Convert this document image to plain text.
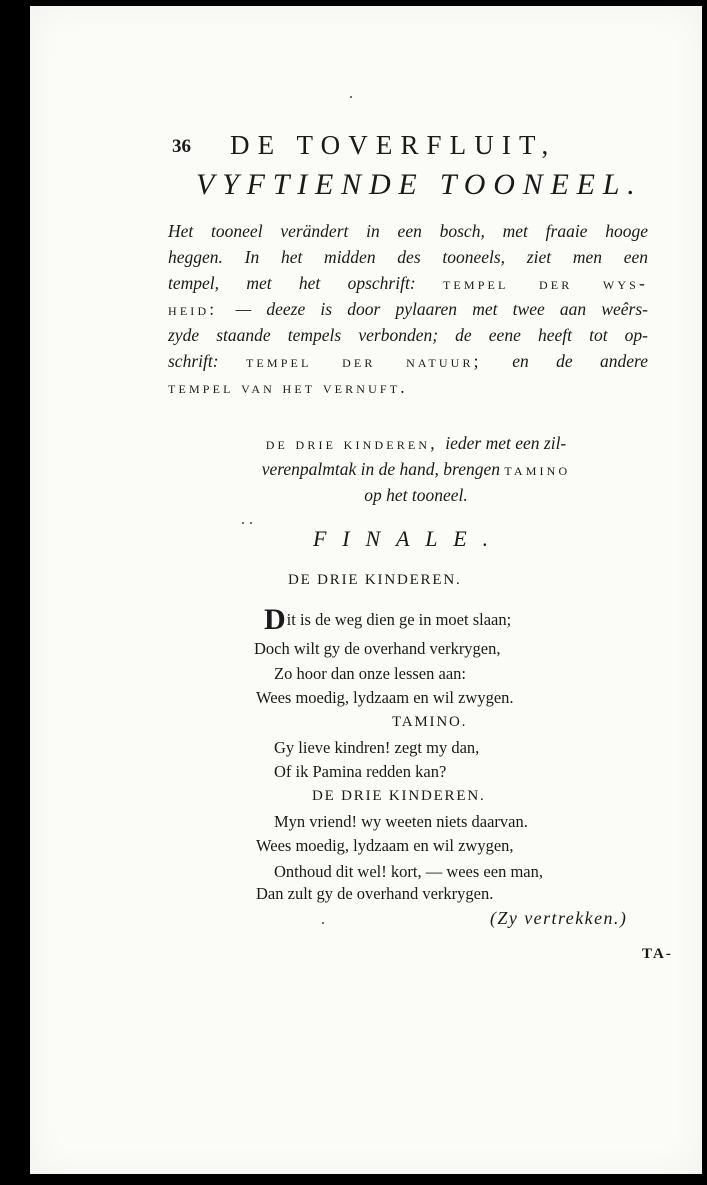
36 DE TOVERFLUIT,
VYFTIENDE TOONEEL.
Het tooneel verändert in een bosch, met fraaie hooge
heggen. In het midden des tooneels, ziet men een
tempel, met het opschrift: tempel der wys-
heid: — deeze is door pylaaren met twee aan weêrs-
zyde staande tempels verbonden; de eene heeft tot op-
schrift: tempel der natuur; en de andere
tempel van het vernuft.
de drie kinderen, ieder met een zil-
verenpalmtak in de hand, brengen tamino
op het tooneel.
FINALE.
DE DRIE KINDEREN.
Dit is de weg dien ge in moet slaan;
Doch wilt gy de overhand verkrygen,
Zo hoor dan onze lessen aan:
Wees moedig, lydzaam en wil zwygen.
TAMINO.
Gy lieve kindren! zegt my dan,
Of ik Pamina redden kan?
DE DRIE KINDEREN.
Myn vriend! wy weeten niets daarvan.
Wees moedig, lydzaam en wil zwygen,
Onthoud dit wel! kort, — wees een man,
Dan zult gy de overhand verkrygen.
(Zy vertrekken.)
TA-
